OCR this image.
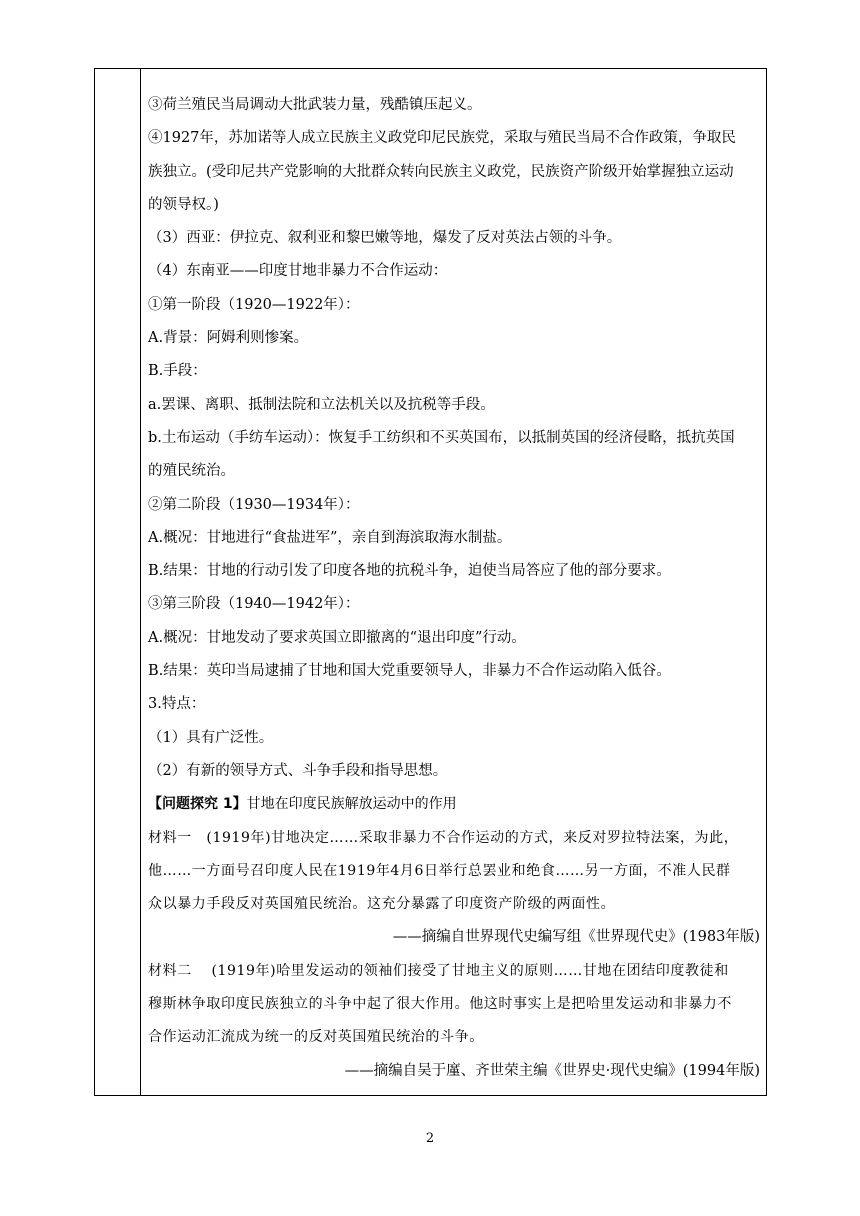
③荷兰殖民当局调动大批武装力量，残酷镇压起义。
④1927年，苏加诺等人成立民族主义政党印尼民族党，采取与殖民当局不合作政策，争取民
族独立。(受印尼共产党影响的大批群众转向民族主义政党，民族资产阶级开始掌握独立运动
的领导权。)
（3）西亚：伊拉克、叙利亚和黎巴嫩等地，爆发了反对英法占领的斗争。
（4）东南亚——印度甘地非暴力不合作运动：
①第一阶段（1920—1922年）：
A.背景：阿姆利则惨案。
B.手段：
a.罢课、离职、抵制法院和立法机关以及抗税等手段。
b.土布运动（手纺车运动）：恢复手工纺织和不买英国布，以抵制英国的经济侵略，抵抗英国
的殖民统治。
②第二阶段（1930—1934年）：
A.概况：甘地进行“食盐进军”，亲自到海滨取海水制盐。
B.结果：甘地的行动引发了印度各地的抗税斗争，迫使当局答应了他的部分要求。
③第三阶段（1940—1942年）：
A.概况：甘地发动了要求英国立即撤离的“退出印度”行动。
B.结果：英印当局逮捕了甘地和国大党重要领导人，非暴力不合作运动陷入低谷。
3.特点：
（1）具有广泛性。
（2）有新的领导方式、斗争手段和指导思想。
【问题探究 1】甘地在印度民族解放运动中的作用
材料一　(1919年)甘地决定……采取非暴力不合作运动的方式，来反对罗拉特法案，为此，
他……一方面号召印度人民在1919年4月6日举行总罢业和绝食……另一方面，不准人民群
众以暴力手段反对英国殖民统治。这充分暴露了印度资产阶级的两面性。
——摘编自世界现代史编写组《世界现代史》(1983年版)
材料二　 (1919年)哈里发运动的领袖们接受了甘地主义的原则……甘地在团结印度教徒和
穆斯林争取印度民族独立的斗争中起了很大作用。他这时事实上是把哈里发运动和非暴力不
合作运动汇流成为统一的反对英国殖民统治的斗争。
——摘编自吴于廑、齐世荣主编《世界史·现代史编》(1994年版)
2
